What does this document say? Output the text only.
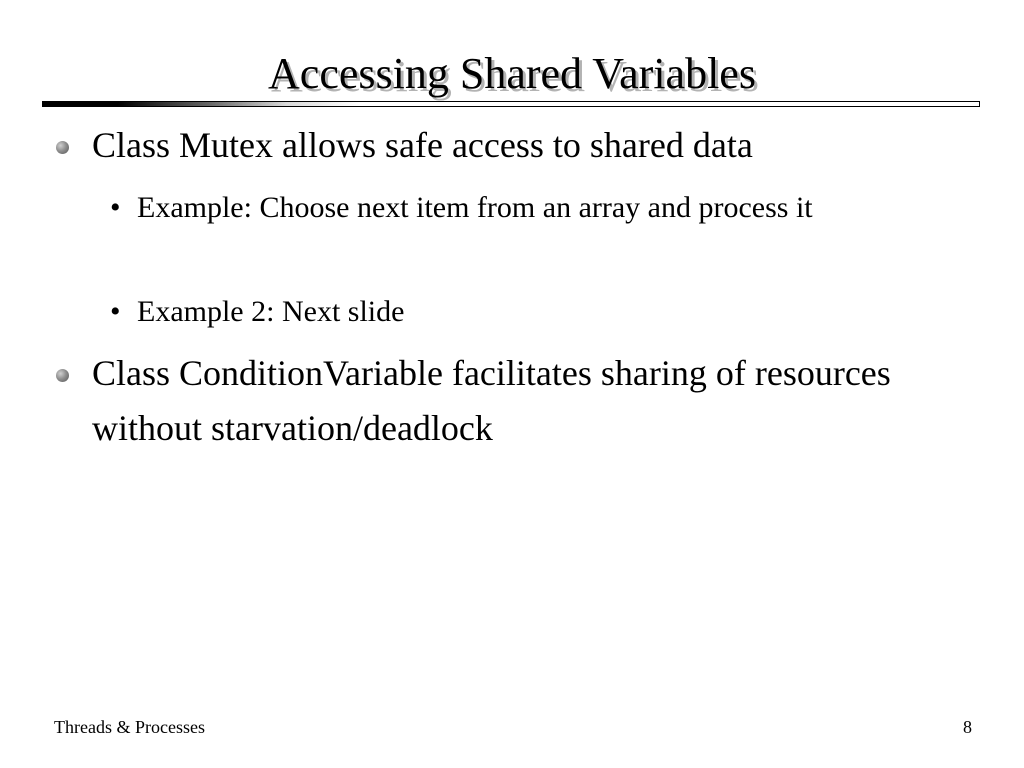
Accessing Shared Variables
Class Mutex allows safe access to shared data
• Example: Choose next item from an array and process it
• Example 2: Next slide
Class ConditionVariable facilitates sharing of resources without starvation/deadlock
Threads & Processes	8
